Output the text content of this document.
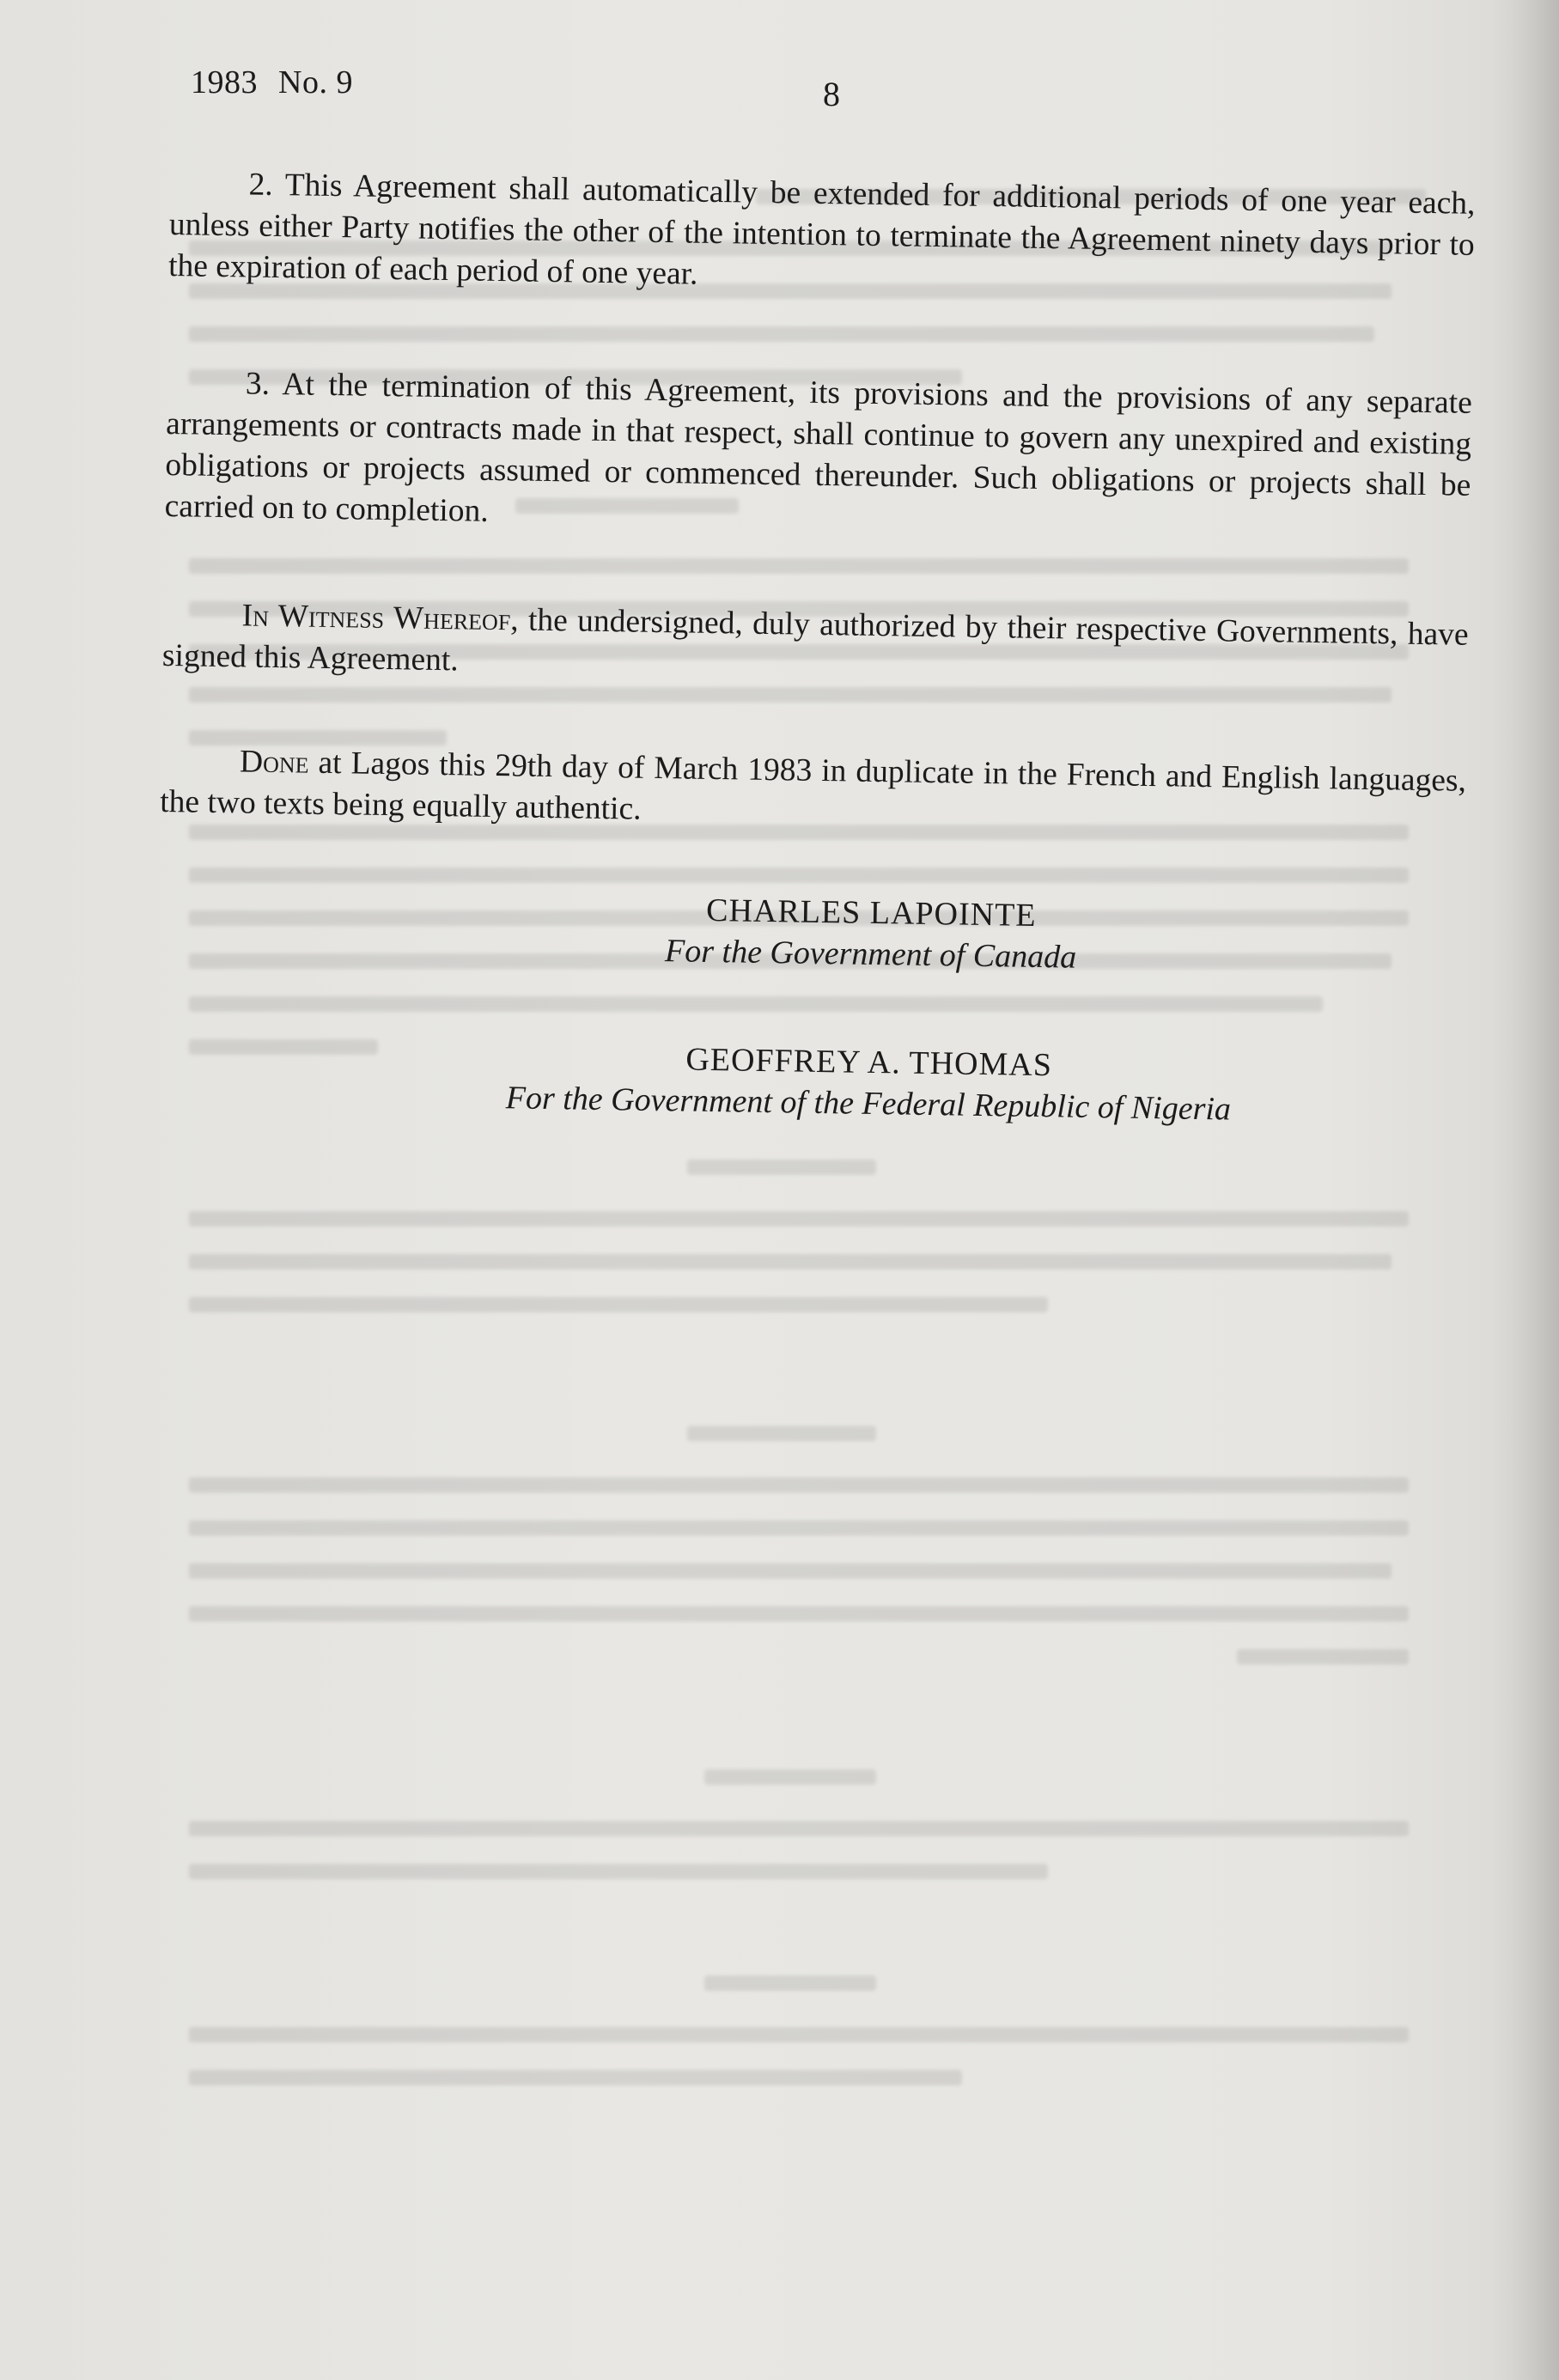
1983 No. 9	8

2. This Agreement shall automatically be extended for additional periods of one year each, unless either Party notifies the other of the intention to terminate the Agreement ninety days prior to the expiration of each period of one year.

3. At the termination of this Agreement, its provisions and the provisions of any separate arrangements or contracts made in that respect, shall continue to govern any unexpired and existing obligations or projects assumed or commenced thereunder. Such obligations or projects shall be carried on to completion.

In Witness Whereof, the undersigned, duly authorized by their respective Governments, have signed this Agreement.

Done at Lagos this 29th day of March 1983 in duplicate in the French and English languages, the two texts being equally authentic.

CHARLES LAPOINTE
For the Government of Canada
GEOFFREY A. THOMAS
For the Government of the Federal Republic of Nigeria
